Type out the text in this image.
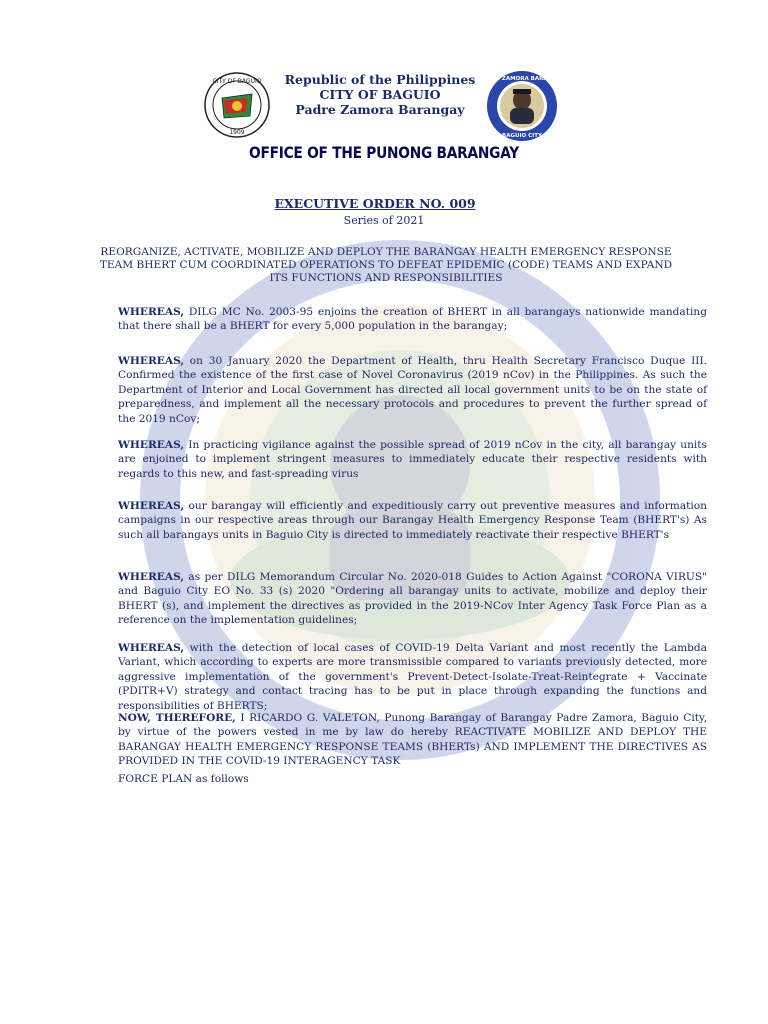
CITY OF BAGUIO
1909
Republic of the Philippines
CITY OF BAGUIO
Padre Zamora Barangay
PADRE ZAMORA BARANGAY
BAGUIO CITY
OFFICE OF THE PUNONG BARANGAY
EXECUTIVE ORDER NO. 009
Series of 2021
REORGANIZE, ACTIVATE, MOBILIZE AND DEPLOY THE BARANGAY HEALTH EMERGENCY RESPONSE TEAM BHERT CUM COORDINATED OPERATIONS TO DEFEAT EPIDEMIC (CODE) TEAMS AND EXPAND ITS FUNCTIONS AND RESPONSIBILITIES

WHEREAS, DILG MC No. 2003-95 enjoins the creation of BHERT in all barangays nationwide mandating that there shall be a BHERT for every 5,000 population in the barangay;

WHEREAS, on 30 January 2020 the Department of Health, thru Health Secretary Francisco Duque III. Confirmed the existence of the first case of Novel Coronavirus (2019 nCov) in the Philippines. As such the Department of Interior and Local Government has directed all local government units to be on the state of preparedness, and implement all the necessary protocols and procedures to prevent the further spread of the 2019 nCov;

WHEREAS, In practicing vigilance against the possible spread of 2019 nCov in the city, all barangay units are enjoined to implement stringent measures to immediately educate their respective residents with regards to this new, and fast-spreading virus

WHEREAS, our barangay will efficiently and expeditiously carry out preventive measures and information campaigns in our respective areas through our Barangay Health Emergency Response Team (BHERT's) As such all barangays units in Baguio City is directed to immediately reactivate their respective BHERT's

WHEREAS, as per DILG Memorandum Circular No. 2020-018 Guides to Action Against "CORONA VIRUS" and Baguio City EO No. 33 (s) 2020 "Ordering all barangay units to activate, mobilize and deploy their BHERT (s), and implement the directives as provided in the 2019-NCov Inter Agency Task Force Plan as a reference on the implementation guidelines;

WHEREAS, with the detection of local cases of COVID-19 Delta Variant and most recently the Lambda Variant, which according to experts are more transmissible compared to variants previously detected, more aggressive implementation of the government's Prevent-Detect-Isolate-Treat-Reintegrate + Vaccinate (PDITR+V) strategy and contact tracing has to be put in place through expanding the functions and responsibilities of BHERTS;

NOW, THEREFORE, I RICARDO G. VALETON, Punong Barangay of Barangay Padre Zamora, Baguio City, by virtue of the powers vested in me by law do hereby REACTIVATE MOBILIZE AND DEPLOY THE BARANGAY HEALTH EMERGENCY RESPONSE TEAMS (BHERTs) AND IMPLEMENT THE DIRECTIVES AS PROVIDED IN THE COVID-19 INTERAGENCY TASK

FORCE PLAN as follows
